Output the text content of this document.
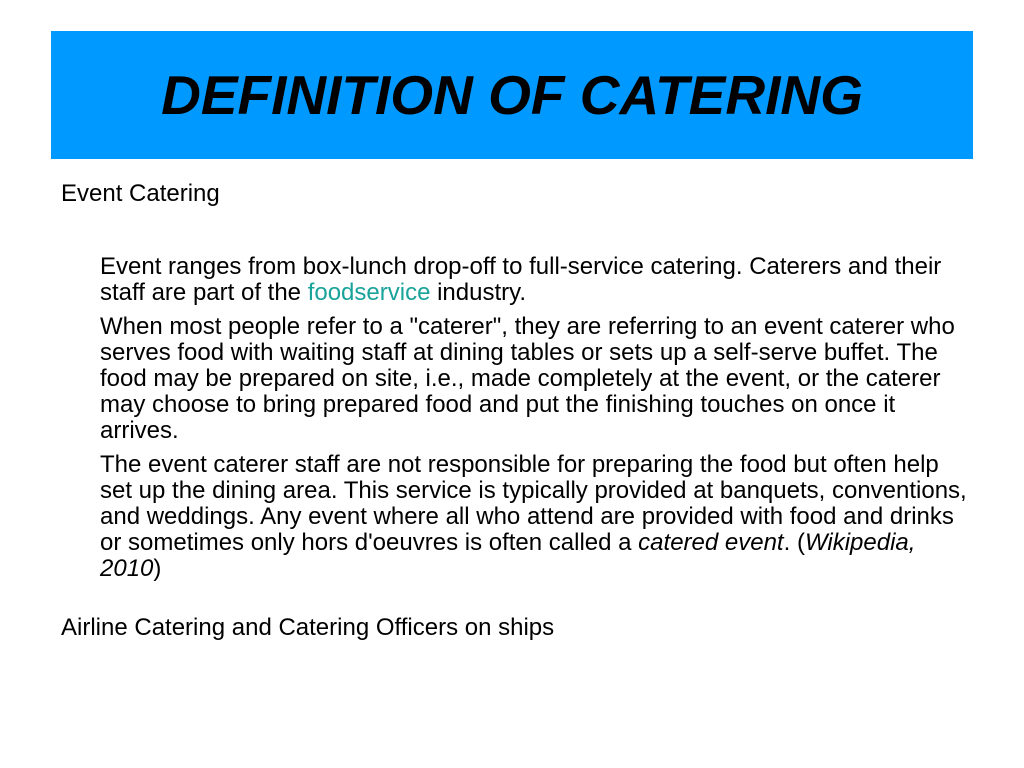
DEFINITION OF CATERING

Event Catering

Event ranges from box-lunch drop-off to full-service catering. Caterers and their staff are part of the foodservice industry.

When most people refer to a "caterer", they are referring to an event caterer who serves food with waiting staff at dining tables or sets up a self-serve buffet. The food may be prepared on site, i.e., made completely at the event, or the caterer may choose to bring prepared food and put the finishing touches on once it arrives.

The event caterer staff are not responsible for preparing the food but often help set up the dining area. This service is typically provided at banquets, conventions, and weddings. Any event where all who attend are provided with food and drinks or sometimes only hors d'oeuvres is often called a catered event. (Wikipedia, 2010)

Airline Catering and Catering Officers on ships
